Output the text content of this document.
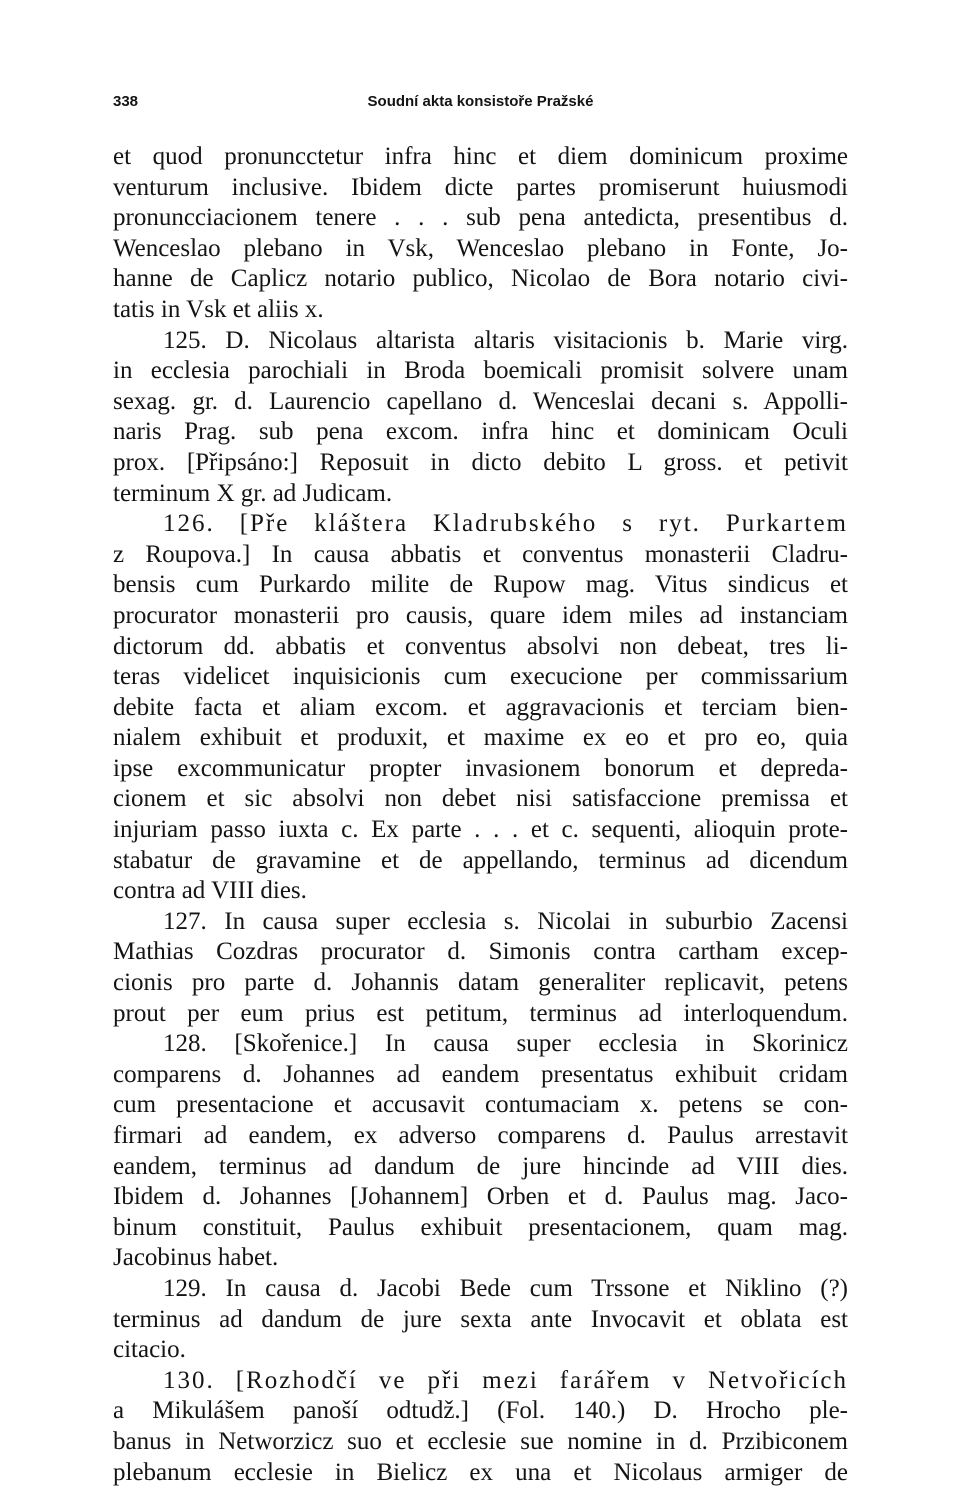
338	Soudní akta konsistoře Pražské
et quod pronuncctetur infra hinc et diem dominicum proxime
venturum inclusive. Ibidem dicte partes promiserunt huiusmodi
pronuncciacionem tenere . . . sub pena antedicta, presentibus d.
Wenceslao plebano in Vsk, Wenceslao plebano in Fonte, Jo-
hanne de Caplicz notario publico, Nicolao de Bora notario civi-
tatis in Vsk et aliis x.
125. D. Nicolaus altarista altaris visitacionis b. Marie virg.
in ecclesia parochiali in Broda boemicali promisit solvere unam
sexag. gr. d. Laurencio capellano d. Wenceslai decani s. Appolli-
naris Prag. sub pena excom. infra hinc et dominicam Oculi
prox. [Připsáno:] Reposuit in dicto debito L gross. et petivit
terminum X gr. ad Judicam.
126. [Pře kláštera Kladrubského s ryt. Purkartem
z Roupova.] In causa abbatis et conventus monasterii Cladru-
bensis cum Purkardo milite de Rupow mag. Vitus sindicus et
procurator monasterii pro causis, quare idem miles ad instanciam
dictorum dd. abbatis et conventus absolvi non debeat, tres li-
teras videlicet inquisicionis cum execucione per commissarium
debite facta et aliam excom. et aggravacionis et terciam bien-
nialem exhibuit et produxit, et maxime ex eo et pro eo, quia
ipse excommunicatur propter invasionem bonorum et depreda-
cionem et sic absolvi non debet nisi satisfaccione premissa et
injuriam passo iuxta c. Ex parte . . . et c. sequenti, alioquin prote-
stabatur de gravamine et de appellando, terminus ad dicendum
contra ad VIII dies.
127. In causa super ecclesia s. Nicolai in suburbio Zacensi
Mathias Cozdras procurator d. Simonis contra cartham excep-
cionis pro parte d. Johannis datam generaliter replicavit, petens
prout per eum prius est petitum, terminus ad interloquendum.
128. [Skořenice.] In causa super ecclesia in Skorinicz
comparens d. Johannes ad eandem presentatus exhibuit cridam
cum presentacione et accusavit contumaciam x. petens se con-
firmari ad eandem, ex adverso comparens d. Paulus arrestavit
eandem, terminus ad dandum de jure hincinde ad VIII dies.
Ibidem d. Johannes [Johannem] Orben et d. Paulus mag. Jaco-
binum constituit, Paulus exhibuit presentacionem, quam mag.
Jacobinus habet.
129. In causa d. Jacobi Bede cum Trssone et Niklino (?)
terminus ad dandum de jure sexta ante Invocavit et oblata est
citacio.
130. [Rozhodčí ve při mezi farářem v Netvořicích
a Mikulášem panoší odtudž.] (Fol. 140.) D. Hrocho ple-
banus in Networzicz suo et ecclesie sue nomine in d. Przibiconem
plebanum ecclesie in Bielicz ex una et Nicolaus armiger de
